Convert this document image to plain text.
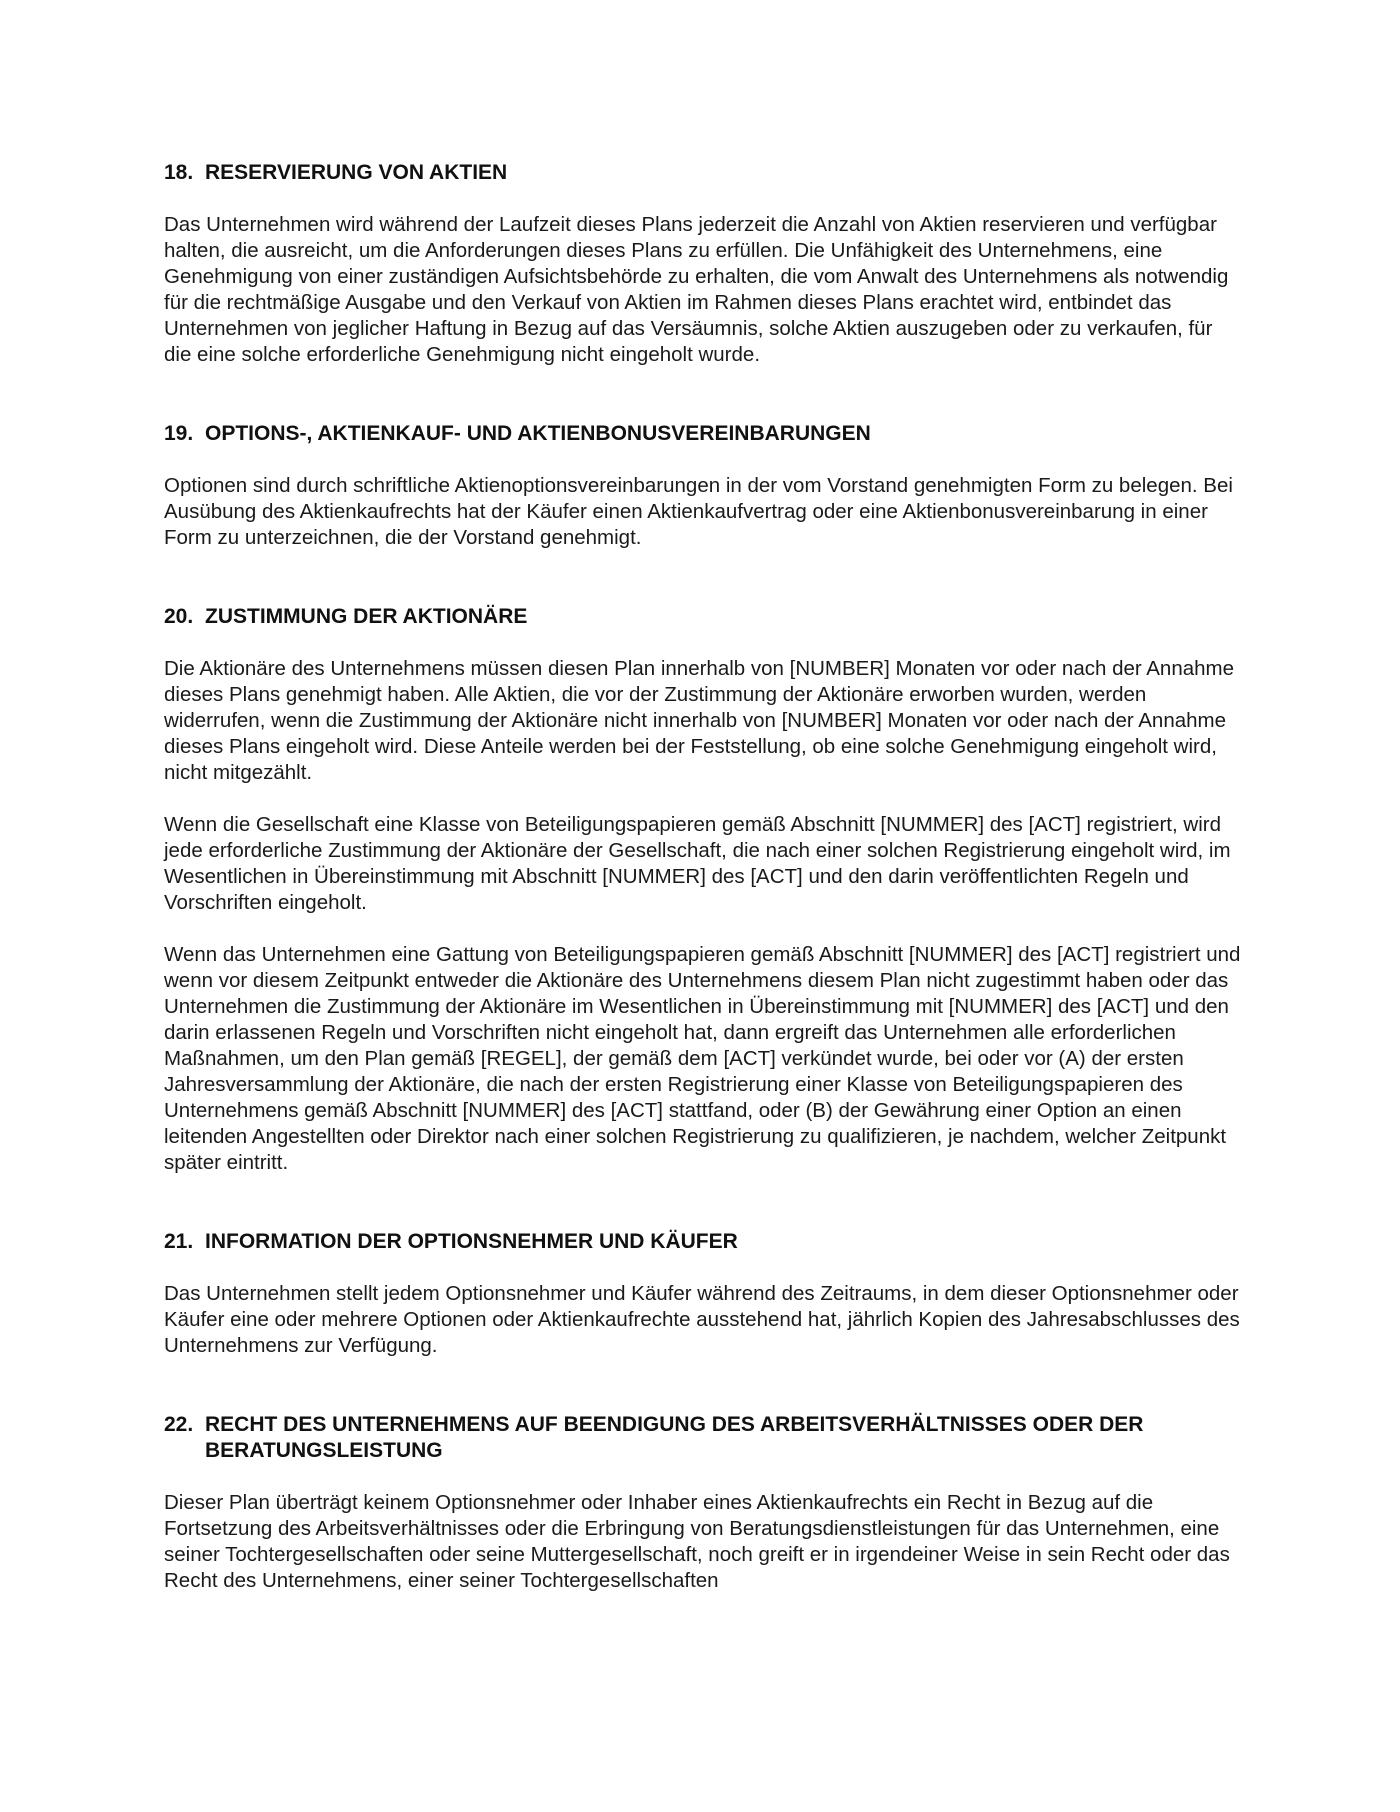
18. RESERVIERUNG VON AKTIEN

Das Unternehmen wird während der Laufzeit dieses Plans jederzeit die Anzahl von Aktien reservieren und verfügbar halten, die ausreicht, um die Anforderungen dieses Plans zu erfüllen. Die Unfähigkeit des Unternehmens, eine Genehmigung von einer zuständigen Aufsichtsbehörde zu erhalten, die vom Anwalt des Unternehmens als notwendig für die rechtmäßige Ausgabe und den Verkauf von Aktien im Rahmen dieses Plans erachtet wird, entbindet das Unternehmen von jeglicher Haftung in Bezug auf das Versäumnis, solche Aktien auszugeben oder zu verkaufen, für die eine solche erforderliche Genehmigung nicht eingeholt wurde.

19. OPTIONS-, AKTIENKAUF- UND AKTIENBONUSVEREINBARUNGEN

Optionen sind durch schriftliche Aktienoptionsvereinbarungen in der vom Vorstand genehmigten Form zu belegen. Bei Ausübung des Aktienkaufrechts hat der Käufer einen Aktienkaufvertrag oder eine Aktienbonusvereinbarung in einer Form zu unterzeichnen, die der Vorstand genehmigt.

20. ZUSTIMMUNG DER AKTIONÄRE

Die Aktionäre des Unternehmens müssen diesen Plan innerhalb von [NUMBER] Monaten vor oder nach der Annahme dieses Plans genehmigt haben. Alle Aktien, die vor der Zustimmung der Aktionäre erworben wurden, werden widerrufen, wenn die Zustimmung der Aktionäre nicht innerhalb von [NUMBER] Monaten vor oder nach der Annahme dieses Plans eingeholt wird. Diese Anteile werden bei der Feststellung, ob eine solche Genehmigung eingeholt wird, nicht mitgezählt.

Wenn die Gesellschaft eine Klasse von Beteiligungspapieren gemäß Abschnitt [NUMMER] des [ACT] registriert, wird jede erforderliche Zustimmung der Aktionäre der Gesellschaft, die nach einer solchen Registrierung eingeholt wird, im Wesentlichen in Übereinstimmung mit Abschnitt [NUMMER] des [ACT] und den darin veröffentlichten Regeln und Vorschriften eingeholt.

Wenn das Unternehmen eine Gattung von Beteiligungspapieren gemäß Abschnitt [NUMMER] des [ACT] registriert und wenn vor diesem Zeitpunkt entweder die Aktionäre des Unternehmens diesem Plan nicht zugestimmt haben oder das Unternehmen die Zustimmung der Aktionäre im Wesentlichen in Übereinstimmung mit [NUMMER] des [ACT] und den darin erlassenen Regeln und Vorschriften nicht eingeholt hat, dann ergreift das Unternehmen alle erforderlichen Maßnahmen, um den Plan gemäß [REGEL], der gemäß dem [ACT] verkündet wurde, bei oder vor (A) der ersten Jahresversammlung der Aktionäre, die nach der ersten Registrierung einer Klasse von Beteiligungspapieren des Unternehmens gemäß Abschnitt [NUMMER] des [ACT] stattfand, oder (B) der Gewährung einer Option an einen leitenden Angestellten oder Direktor nach einer solchen Registrierung zu qualifizieren, je nachdem, welcher Zeitpunkt später eintritt.

21. INFORMATION DER OPTIONSNEHMER UND KÄUFER

Das Unternehmen stellt jedem Optionsnehmer und Käufer während des Zeitraums, in dem dieser Optionsnehmer oder Käufer eine oder mehrere Optionen oder Aktienkaufrechte ausstehend hat, jährlich Kopien des Jahresabschlusses des Unternehmens zur Verfügung.

22. RECHT DES UNTERNEHMENS AUF BEENDIGUNG DES ARBEITSVERHÄLTNISSES ODER DER BERATUNGSLEISTUNG

Dieser Plan überträgt keinem Optionsnehmer oder Inhaber eines Aktienkaufrechts ein Recht in Bezug auf die Fortsetzung des Arbeitsverhältnisses oder die Erbringung von Beratungsdienstleistungen für das Unternehmen, eine seiner Tochtergesellschaften oder seine Muttergesellschaft, noch greift er in irgendeiner Weise in sein Recht oder das Recht des Unternehmens, einer seiner Tochtergesellschaften
